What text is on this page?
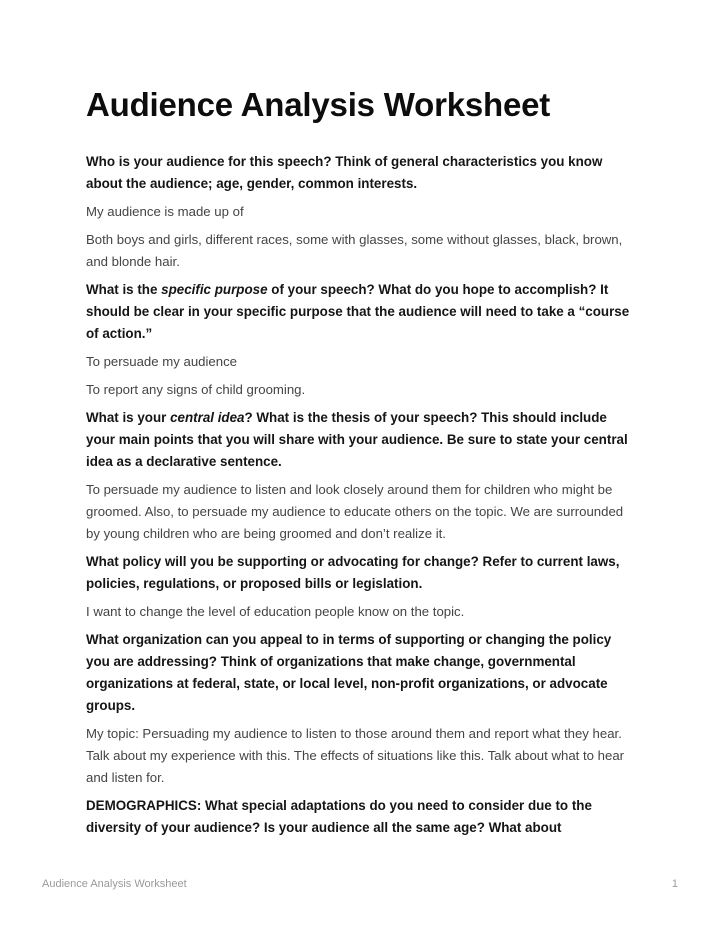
Audience Analysis Worksheet

Who is your audience for this speech? Think of general characteristics you know about the audience; age, gender, common interests.

My audience is made up of

Both boys and girls, different races, some with glasses, some without glasses, black, brown, and blonde hair.

What is the specific purpose of your speech? What do you hope to accomplish? It should be clear in your specific purpose that the audience will need to take a “course of action.”

To persuade my audience

To report any signs of child grooming.

What is your central idea? What is the thesis of your speech? This should include your main points that you will share with your audience. Be sure to state your central idea as a declarative sentence.

To persuade my audience to listen and look closely around them for children who might be groomed. Also, to persuade my audience to educate others on the topic. We are surrounded by young children who are being groomed and don’t realize it.

What policy will you be supporting or advocating for change? Refer to current laws, policies, regulations, or proposed bills or legislation.

I want to change the level of education people know on the topic.

What organization can you appeal to in terms of supporting or changing the policy you are addressing? Think of organizations that make change, governmental organizations at federal, state, or local level, non-profit organizations, or advocate groups.

My topic: Persuading my audience to listen to those around them and report what they hear. Talk about my experience with this. The effects of situations like this. Talk about what to hear and listen for.

DEMOGRAPHICS: What special adaptations do you need to consider due to the diversity of your audience? Is your audience all the same age? What about

Audience Analysis Worksheet	1
